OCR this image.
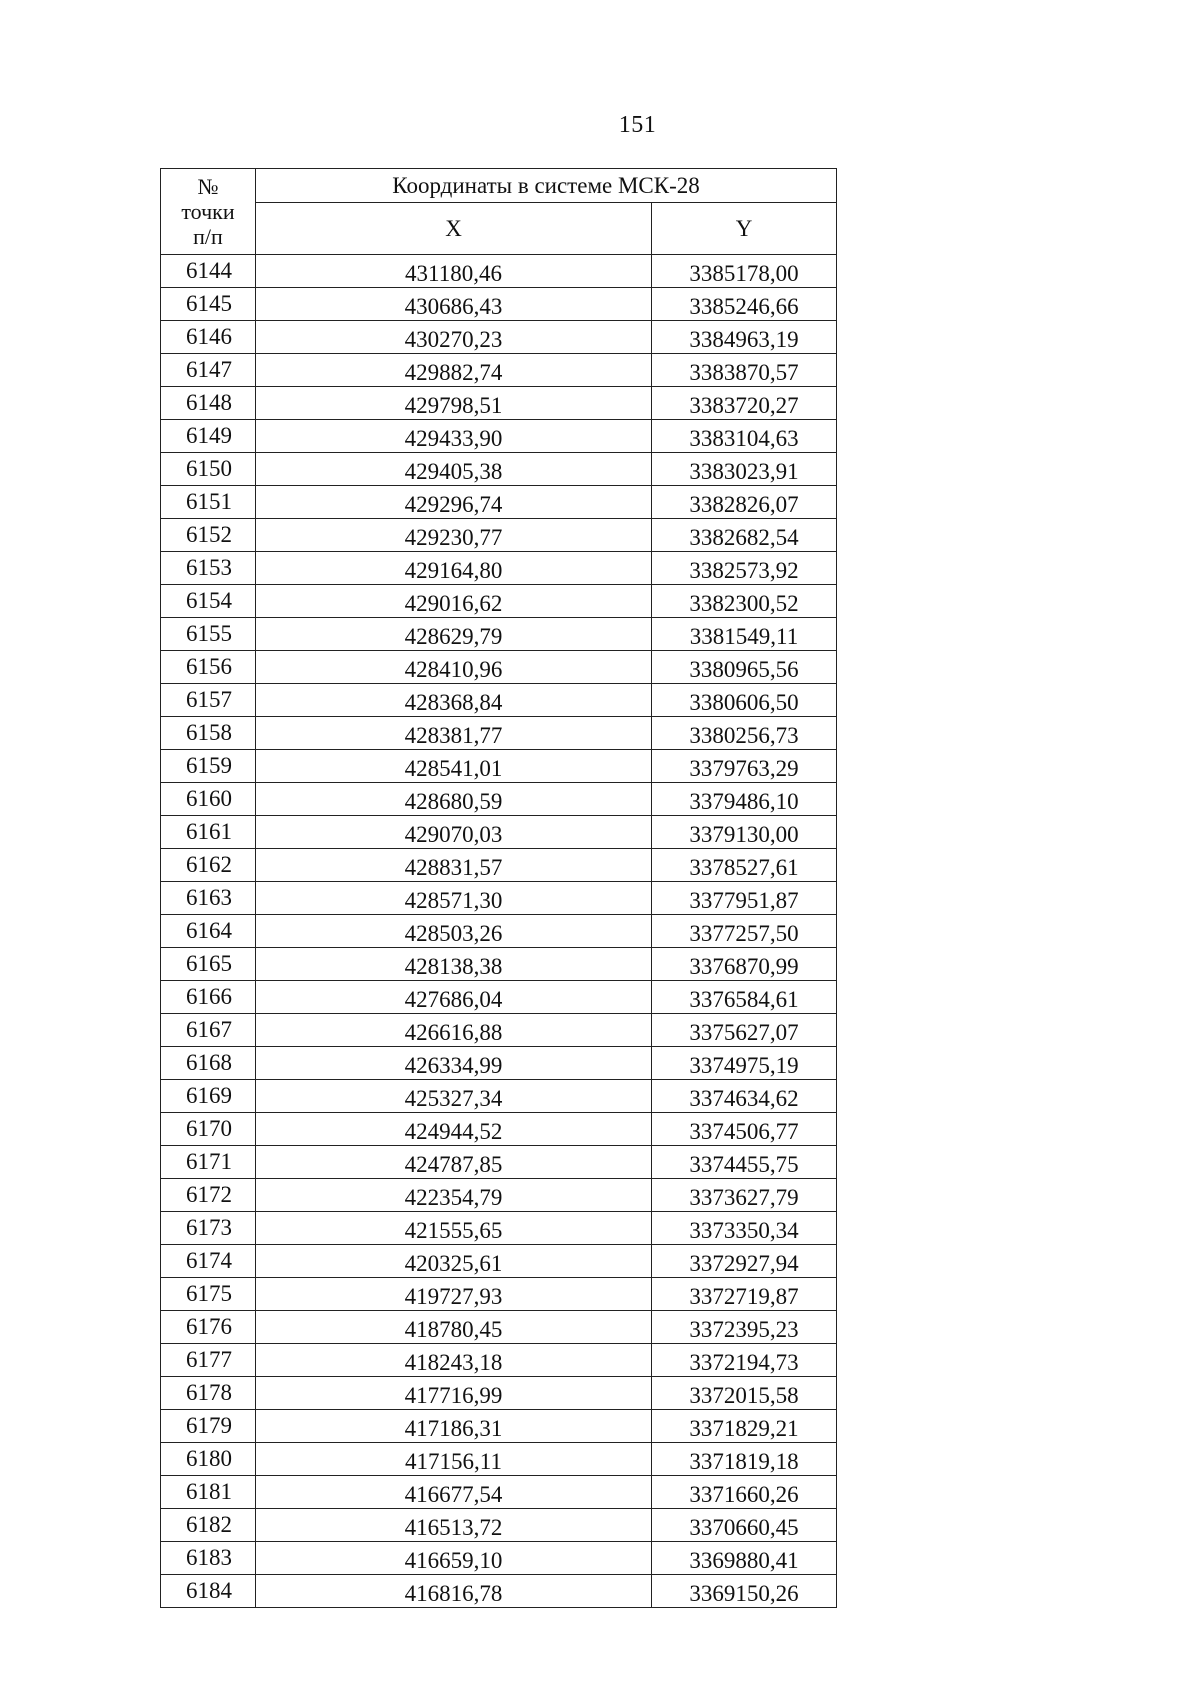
151
№
точки
п/п	Координаты в системе МСК-28	
	X	Y
6144	431180,46	3385178,00
6145	430686,43	3385246,66
6146	430270,23	3384963,19
6147	429882,74	3383870,57
6148	429798,51	3383720,27
6149	429433,90	3383104,63
6150	429405,38	3383023,91
6151	429296,74	3382826,07
6152	429230,77	3382682,54
6153	429164,80	3382573,92
6154	429016,62	3382300,52
6155	428629,79	3381549,11
6156	428410,96	3380965,56
6157	428368,84	3380606,50
6158	428381,77	3380256,73
6159	428541,01	3379763,29
6160	428680,59	3379486,10
6161	429070,03	3379130,00
6162	428831,57	3378527,61
6163	428571,30	3377951,87
6164	428503,26	3377257,50
6165	428138,38	3376870,99
6166	427686,04	3376584,61
6167	426616,88	3375627,07
6168	426334,99	3374975,19
6169	425327,34	3374634,62
6170	424944,52	3374506,77
6171	424787,85	3374455,75
6172	422354,79	3373627,79
6173	421555,65	3373350,34
6174	420325,61	3372927,94
6175	419727,93	3372719,87
6176	418780,45	3372395,23
6177	418243,18	3372194,73
6178	417716,99	3372015,58
6179	417186,31	3371829,21
6180	417156,11	3371819,18
6181	416677,54	3371660,26
6182	416513,72	3370660,45
6183	416659,10	3369880,41
6184	416816,78	3369150,26
